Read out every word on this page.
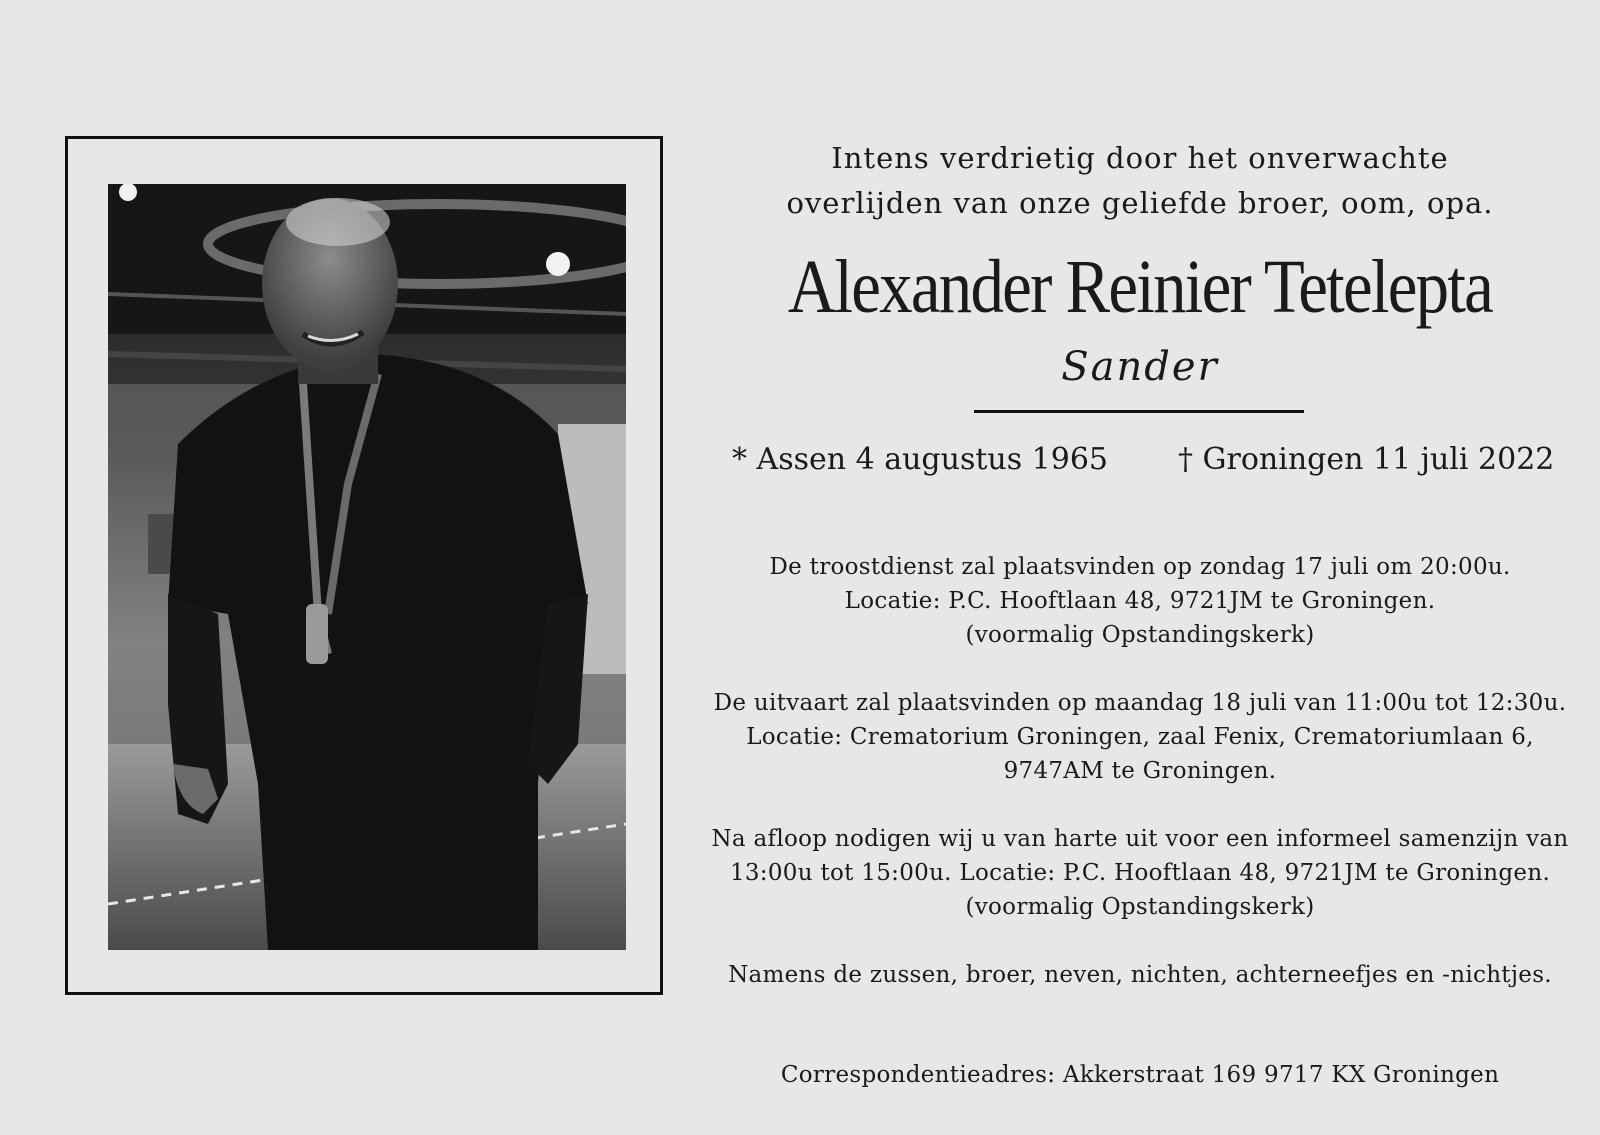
Intens verdrietig door het onverwachte
overlijden van onze geliefde broer, oom, opa.
Alexander Reinier Tetelepta
Sander
* Assen 4 augustus 1965 † Groningen 11 juli 2022
De troostdienst zal plaatsvinden op zondag 17 juli om 20:00u.
Locatie: P.C. Hooftlaan 48, 9721JM te Groningen.
(voormalig Opstandingskerk)
De uitvaart zal plaatsvinden op maandag 18 juli van 11:00u tot 12:30u.
Locatie: Crematorium Groningen, zaal Fenix, Crematoriumlaan 6,
9747AM te Groningen.
Na afloop nodigen wij u van harte uit voor een informeel samenzijn van
13:00u tot 15:00u. Locatie: P.C. Hooftlaan 48, 9721JM te Groningen.
(voormalig Opstandingskerk)
Namens de zussen, broer, neven, nichten, achterneefjes en -nichtjes.
Correspondentieadres: Akkerstraat 169 9717 KX Groningen
